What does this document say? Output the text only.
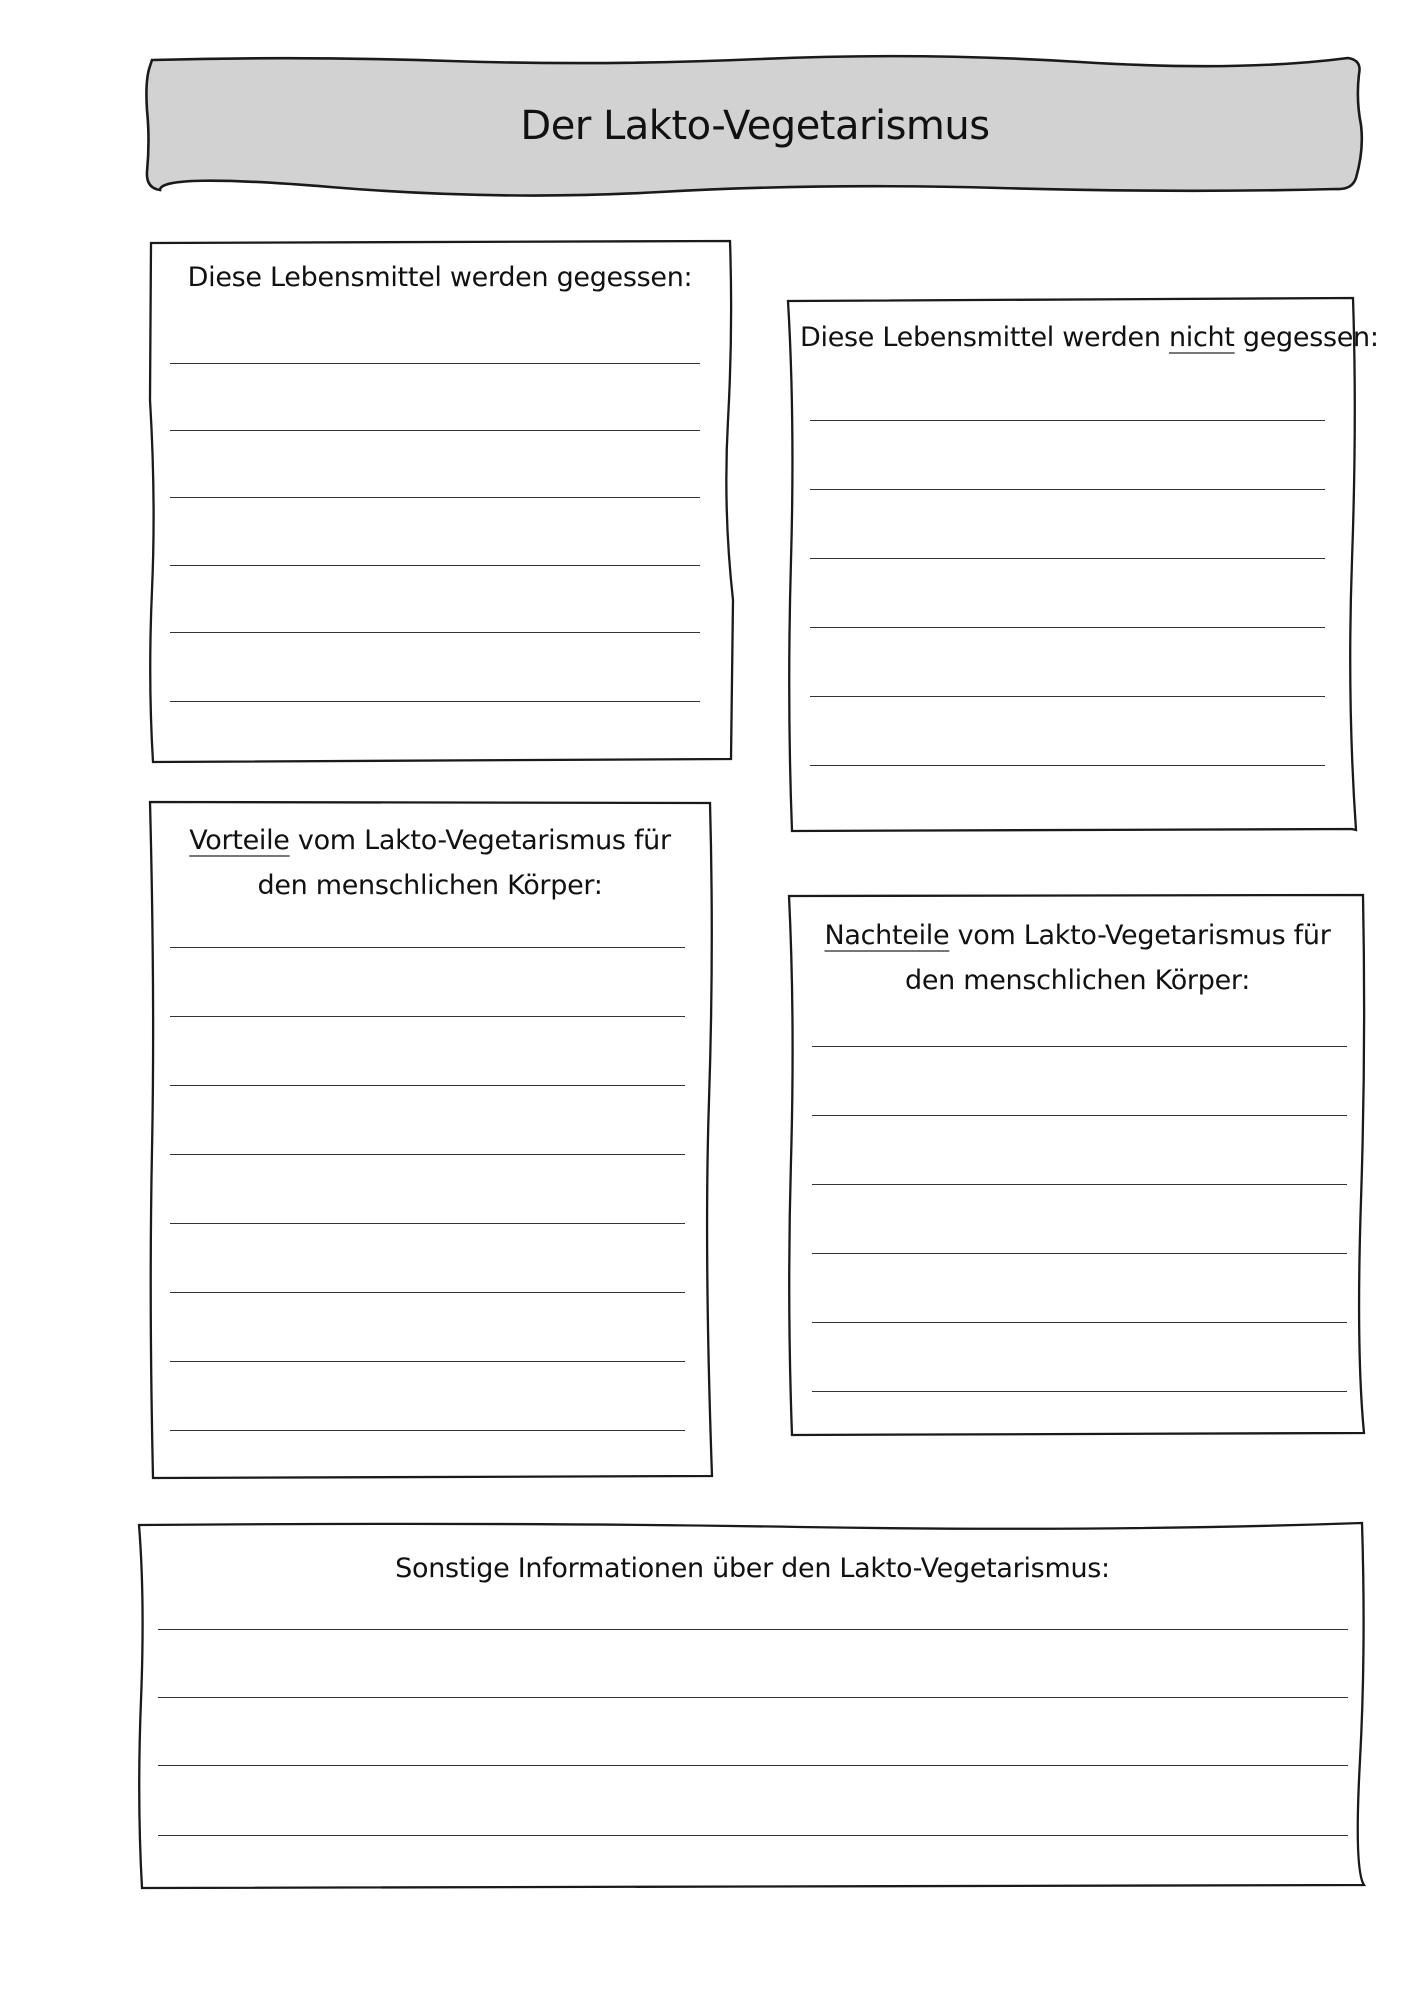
Der Lakto-Vegetarismus
Diese Lebensmittel werden gegessen:
Diese Lebensmittel werden nicht gegessen:
Vorteile vom Lakto-Vegetarismus für
den menschlichen Körper:
Nachteile vom Lakto-Vegetarismus für
den menschlichen Körper:
Sonstige Informationen über den Lakto-Vegetarismus:
